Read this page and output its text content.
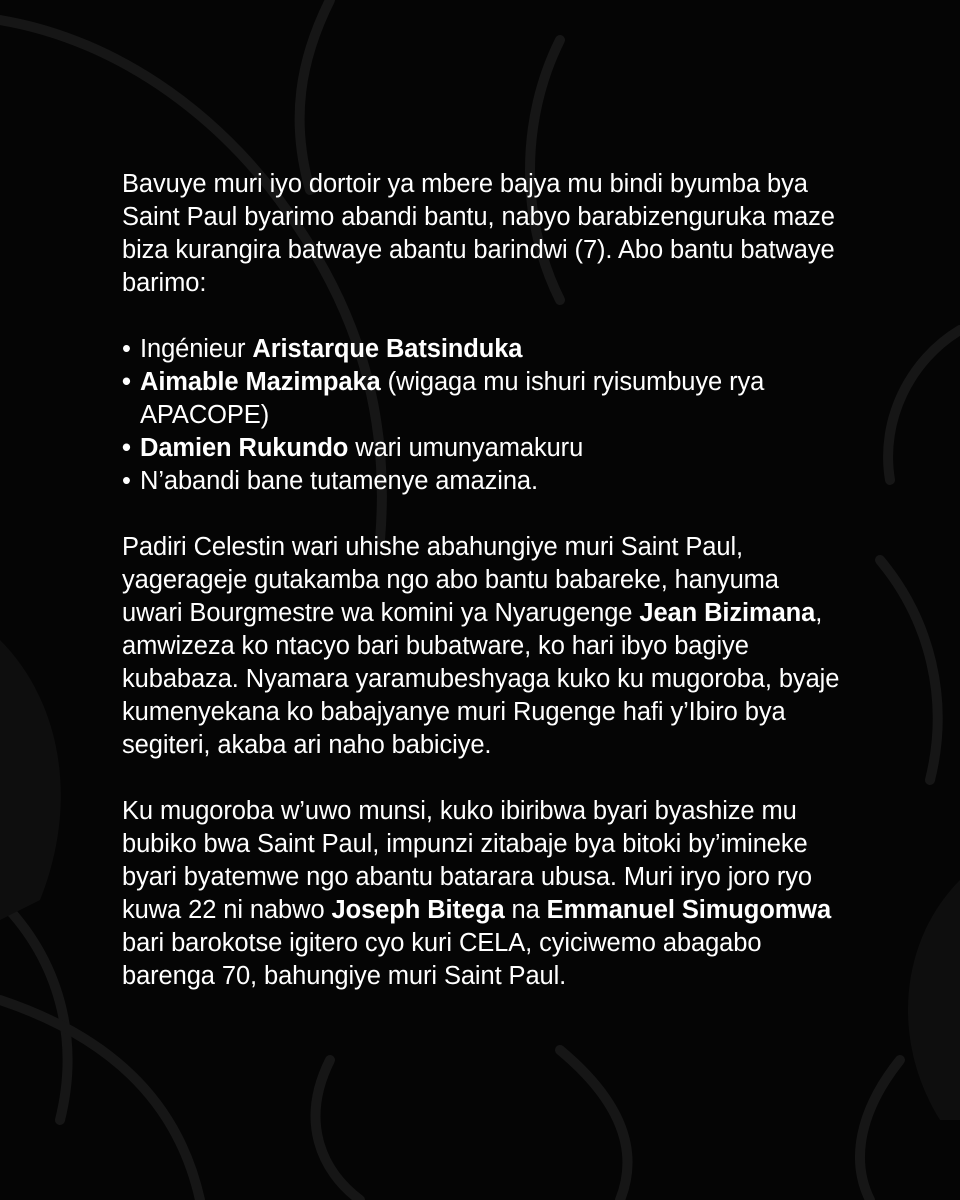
Bavuye muri iyo dortoir ya mbere bajya mu bindi byumba bya Saint Paul byarimo abandi bantu, nabyo barabizenguruka maze biza kurangira batwaye abantu barindwi (7). Abo bantu batwaye barimo:

• Ingénieur Aristarque Batsinduka
• Aimable Mazimpaka (wigaga mu ishuri ryisumbuye rya APACOPE)
• Damien Rukundo wari umunyamakuru
• N’abandi bane tutamenye amazina.

Padiri Celestin wari uhishe abahungiye muri Saint Paul, yagerageje gutakamba ngo abo bantu babareke, hanyuma uwari Bourgmestre wa komini ya Nyarugenge Jean Bizimana, amwizeza ko ntacyo bari bubatware, ko hari ibyo bagiye kubabaza. Nyamara yaramubeshyaga kuko ku mugoroba, byaje kumenyekana ko babajyanye muri Rugenge hafi y’Ibiro bya segiteri, akaba ari naho babiciye.

Ku mugoroba w’uwo munsi, kuko ibiribwa byari byashize mu bubiko bwa Saint Paul, impunzi zitabaje bya bitoki by’imineke byari byatemwe ngo abantu batarara ubusa. Muri iryo joro ryo kuwa 22 ni nabwo Joseph Bitega na Emmanuel Simugomwa bari barokotse igitero cyo kuri CELA, cyiciwemo abagabo barenga 70, bahungiye muri Saint Paul.
